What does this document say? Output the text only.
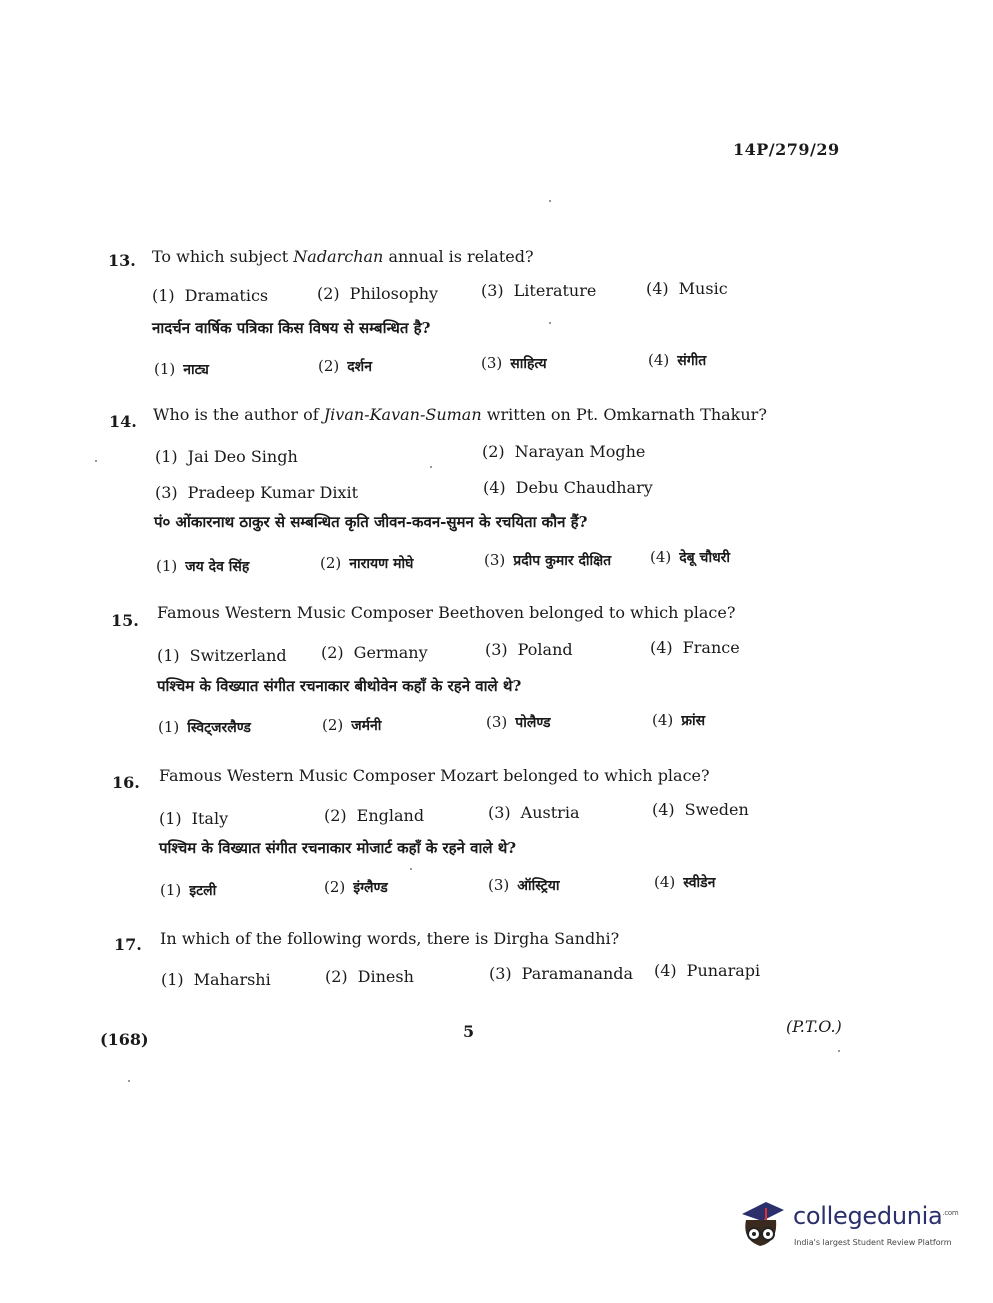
14P/279/29
13. To which subject Nadarchan annual is related?
(1) Dramatics	(2) Philosophy	(3) Literature	(4) Music
नादर्चन वार्षिक पत्रिका किस विषय से सम्बन्धित है?
(1) नाट्य	(2) दर्शन	(3) साहित्य	(4) संगीत
14. Who is the author of Jivan-Kavan-Suman written on Pt. Omkarnath Thakur?
(1) Jai Deo Singh	(2) Narayan Moghe
(3) Pradeep Kumar Dixit	(4) Debu Chaudhary
पं० ओंकारनाथ ठाकुर से सम्बन्धित कृति जीवन-कवन-सुमन के रचयिता कौन हैं?
(1) जय देव सिंह	(2) नारायण मोघे	(3) प्रदीप कुमार दीक्षित	(4) देबू चौधरी
15. Famous Western Music Composer Beethoven belonged to which place?
(1) Switzerland (2) Germany	(3) Poland	(4) France
पश्चिम के विख्यात संगीत रचनाकार बीथोवेन कहाँ के रहने वाले थे?
(1) स्विट्‌जरलैण्ड	(2) जर्मनी	(3) पोलैण्ड	(4) फ्रांस
16. Famous Western Music Composer Mozart belonged to which place?
(1) Italy	(2) England	(3) Austria	(4) Sweden
पश्चिम के विख्यात संगीत रचनाकार मोजार्ट कहाँ के रहने वाले थे?
(1) इटली	(2) इंग्लैण्ड	(3) ऑस्ट्रिया	(4) स्वीडेन
17. In which of the following words, there is Dirgha Sandhi?
(1) Maharshi	(2) Dinesh	(3) Paramananda (4) Punarapi
(168)	5	(P.T.O.)
collegedunia$^{.com}$
India's largest Student Review Platform
